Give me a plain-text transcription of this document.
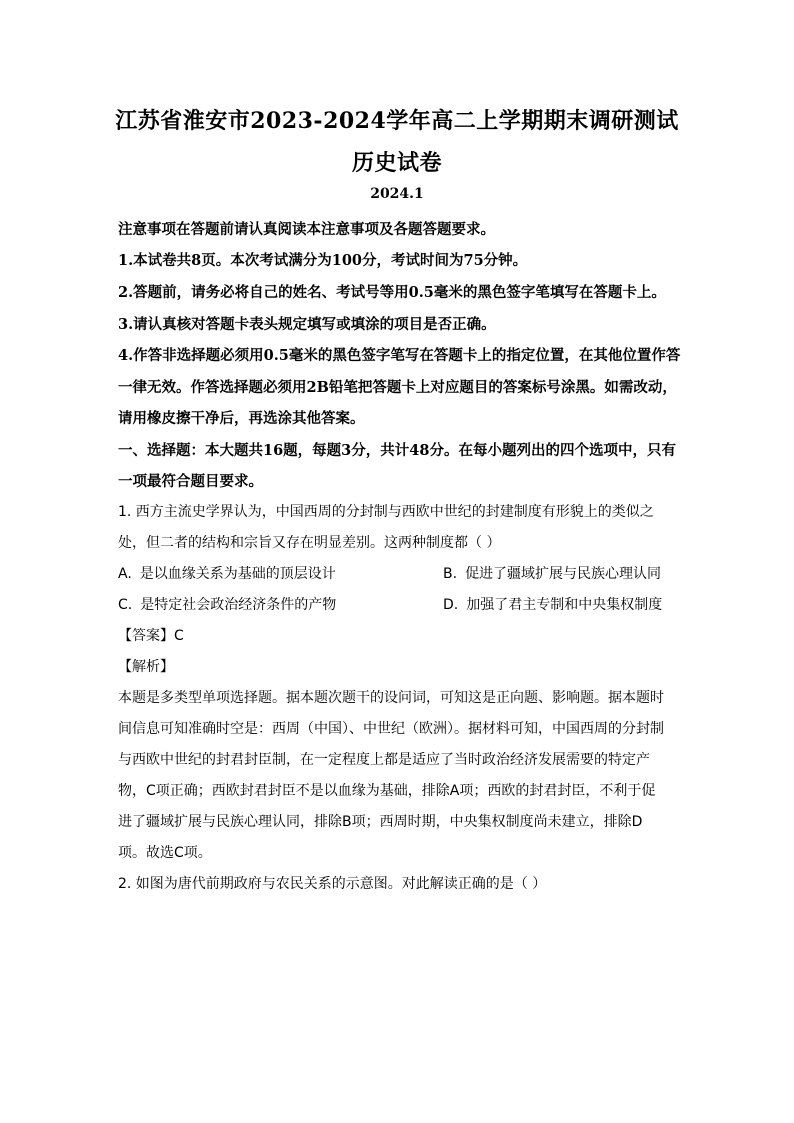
江苏省淮安市2023-2024学年高二上学期期末调研测试
历史试卷
2024.1
注意事项在答题前请认真阅读本注意事项及各题答题要求。
1.本试卷共8页。本次考试满分为100分，考试时间为75分钟。
2.答题前，请务必将自己的姓名、考试号等用0.5毫米的黑色签字笔填写在答题卡上。
3.请认真核对答题卡表头规定填写或填涂的项目是否正确。
4.作答非选择题必须用0.5毫米的黑色签字笔写在答题卡上的指定位置，在其他位置作答
一律无效。作答选择题必须用2B铅笔把答题卡上对应题目的答案标号涂黑。如需改动，
请用橡皮擦干净后，再选涂其他答案。
一、选择题：本大题共16题，每题3分，共计48分。在每小题列出的四个选项中，只有
一项最符合题目要求。
1. 西方主流史学界认为，中国西周的分封制与西欧中世纪的封建制度有形貌上的类似之
处，但二者的结构和宗旨又存在明显差别。这两种制度都（ ）
A. 是以血缘关系为基础的顶层设计	B. 促进了疆域扩展与民族心理认同
C. 是特定社会政治经济条件的产物	D. 加强了君主专制和中央集权制度
【答案】C
【解析】
本题是多类型单项选择题。据本题次题干的设问词，可知这是正向题、影响题。据本题时
间信息可知准确时空是：西周（中国）、中世纪（欧洲）。据材料可知，中国西周的分封制
与西欧中世纪的封君封臣制，在一定程度上都是适应了当时政治经济发展需要的特定产
物，C项正确；西欧封君封臣不是以血缘为基础，排除A项；西欧的封君封臣，不利于促
进了疆域扩展与民族心理认同，排除B项；西周时期，中央集权制度尚未建立，排除D
项。故选C项。
2. 如图为唐代前期政府与农民关系的示意图。对此解读正确的是（ ）
